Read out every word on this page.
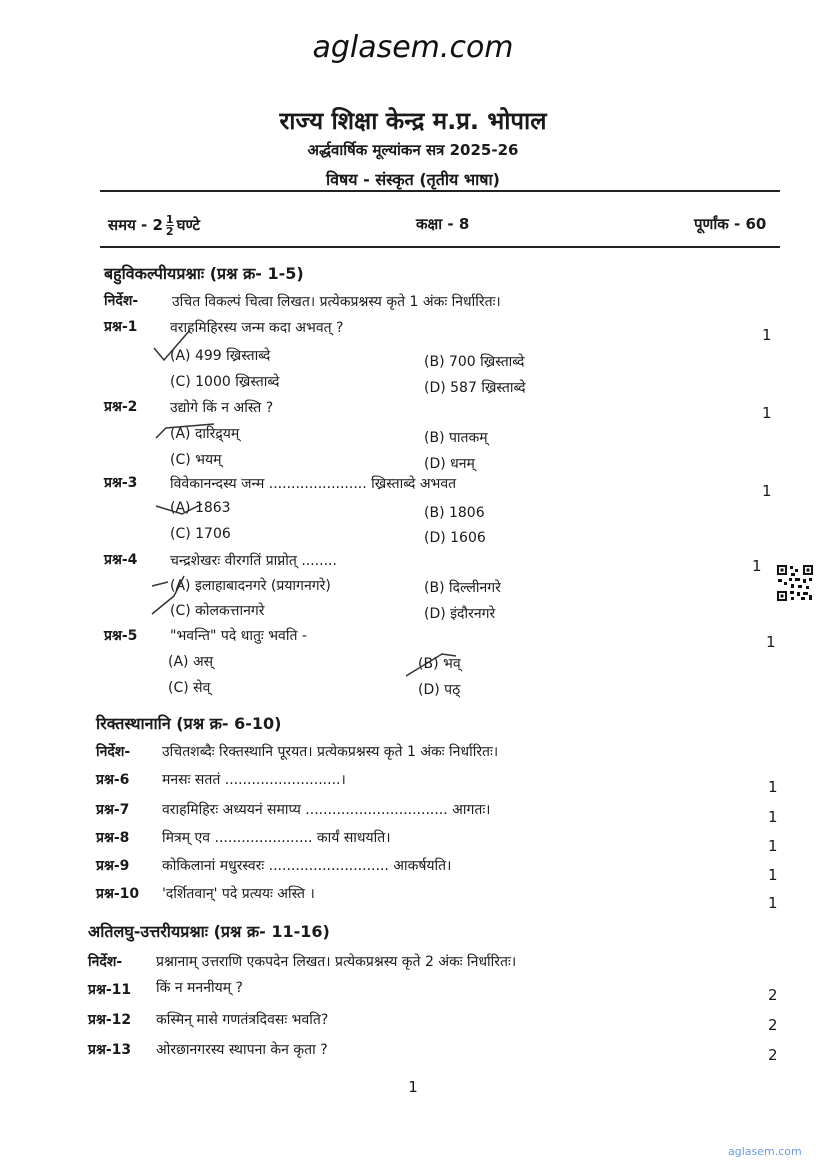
aglasem.com
राज्य शिक्षा केन्द्र म.प्र. भोपाल
अर्द्धवार्षिक मूल्यांकन सत्र 2025-26
विषय - संस्कृत (तृतीय भाषा)
समय - $2 \frac{1}{2}$ घण्टे	कक्षा - 8	पूर्णांक - 60
बहुविकल्पीयप्रश्नाः (प्रश्न क्र- 1-5)
निर्देश- उचित विकल्पं चित्वा लिखत। प्रत्येकप्रश्नस्य कृते 1 अंकः निर्धारितः।
प्रश्न-1 वराहमिहिरस्य जन्म कदा अभवत् ?	1
(A) 499 ख्रिस्ताब्दे	(B) 700 ख्रिस्ताब्दे
(C) 1000 ख्रिस्ताब्दे	(D) 587 ख्रिस्ताब्दे
प्रश्न-2 उद्योगे किं न अस्ति ?	1
(A) दारिद्र्यम्	(B) पातकम्
(C) भयम्	(D) धनम्
प्रश्न-3 विवेकानन्दस्य जन्म ...................... ख्रिस्ताब्दे अभवत	1
(A) 1863	(B) 1806
(C) 1706	(D) 1606
प्रश्न-4 चन्द्रशेखरः वीरगतिं प्राप्नोत् ........	1
(A) इलाहाबादनगरे (प्रयागनगरे)	(B) दिल्लीनगरे
(C) कोलकत्तानगरे	(D) इंदौरनगरे
प्रश्न-5 "भवन्ति" पदे धातुः भवति -	1
(A) अस्	(B) भव्
(C) सेव्	(D) पठ्
रिक्तस्थानानि (प्रश्न क्र- 6-10)
निर्देश- उचितशब्दैः रिक्तस्थानि पूरयत। प्रत्येकप्रश्नस्य कृते 1 अंकः निर्धारितः।
प्रश्न-6 मनसः सततं ..........................।	1
प्रश्न-7 वराहमिहिरः अध्ययनं समाप्य ................................ आगतः।	1
प्रश्न-8 मित्रम् एव ...................... कार्यं साधयति।	1
प्रश्न-9 कोकिलानां मधुरस्वरः ........................... आकर्षयति।	1
प्रश्न-10 'दर्शितवान्' पदे प्रत्ययः अस्ति ।	1
अतिलघु-उत्तरीयप्रश्नाः (प्रश्न क्र- 11-16)
निर्देश- प्रश्नानाम् उत्तराणि एकपदेन लिखत। प्रत्येकप्रश्नस्य कृते 2 अंकः निर्धारितः।
प्रश्न-11 किं न मननीयम् ?	2
प्रश्न-12 कस्मिन् मासे गणतंत्रदिवसः भवति?	2
प्रश्न-13 ओरछानगरस्य स्थापना केन कृता ?	2
1
aglasem.com
